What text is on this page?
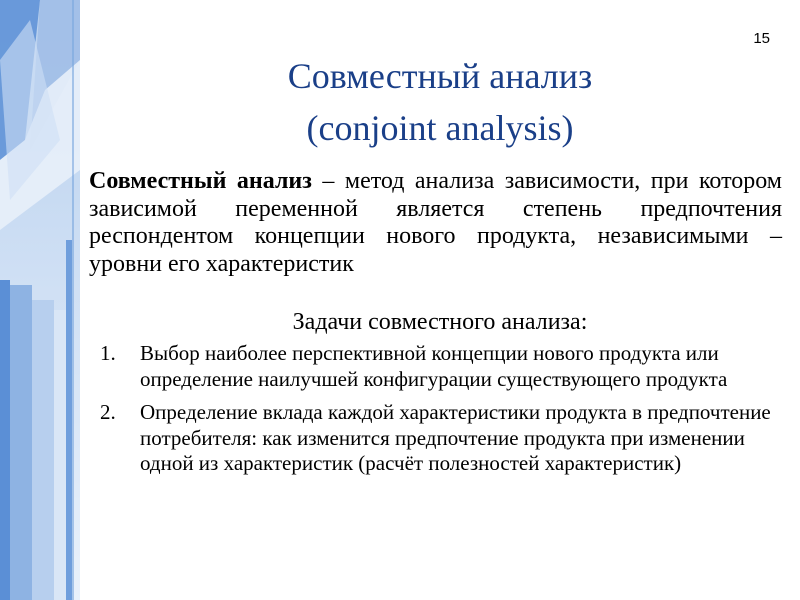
15
Совместный анализ
(conjoint analysis)
Совместный анализ – метод анализа зависимости, при котором зависимой переменной является степень предпочтения респондентом концепции нового продукта, независимыми – уровни его характеристик
Задачи совместного анализа:
1. Выбор наиболее перспективной концепции нового продукта или определение наилучшей конфигурации существующего продукта
2. Определение вклада каждой характеристики продукта в предпочтение потребителя: как изменится предпочтение продукта при изменении одной из характеристик (расчёт полезностей характеристик)
